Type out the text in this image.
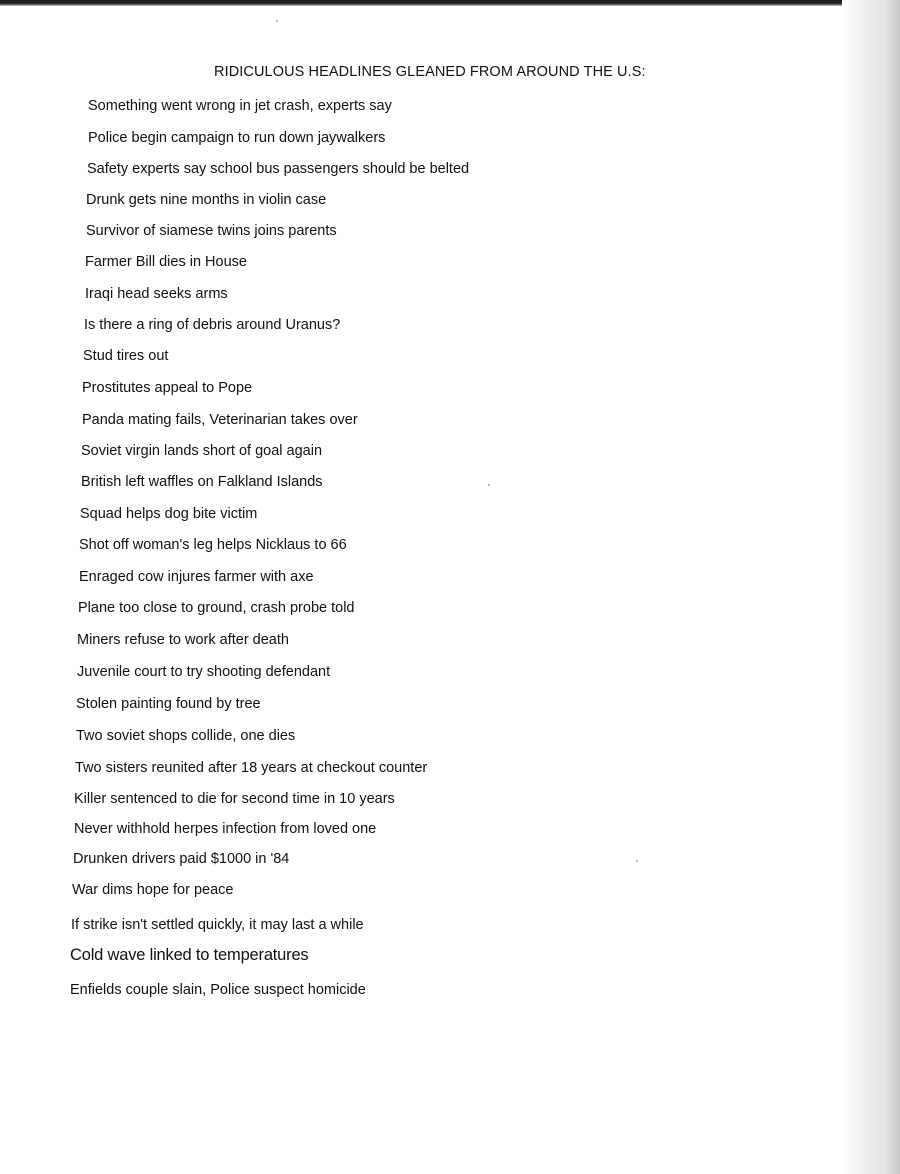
RIDICULOUS HEADLINES GLEANED FROM AROUND THE U.S:
Something went wrong in jet crash, experts say
Police begin campaign to run down jaywalkers
Safety experts say school bus passengers should be belted
Drunk gets nine months in violin case
Survivor of siamese twins joins parents
Farmer Bill dies in House
Iraqi head seeks arms
Is there a ring of debris around Uranus?
Stud tires out
Prostitutes appeal to Pope
Panda mating fails, Veterinarian takes over
Soviet virgin lands short of goal again
British left waffles on Falkland Islands
Squad helps dog bite victim
Shot off woman's leg helps Nicklaus to 66
Enraged cow injures farmer with axe
Plane too close to ground, crash probe told
Miners refuse to work after death
Juvenile court to try shooting defendant
Stolen painting found by tree
Two soviet shops collide, one dies
Two sisters reunited after 18 years at checkout counter
Killer sentenced to die for second time in 10 years
Never withhold herpes infection from loved one
Drunken drivers paid $1000 in '84
War dims hope for peace
If strike isn't settled quickly, it may last a while
Cold wave linked to temperatures
Enfields couple slain, Police suspect homicide
